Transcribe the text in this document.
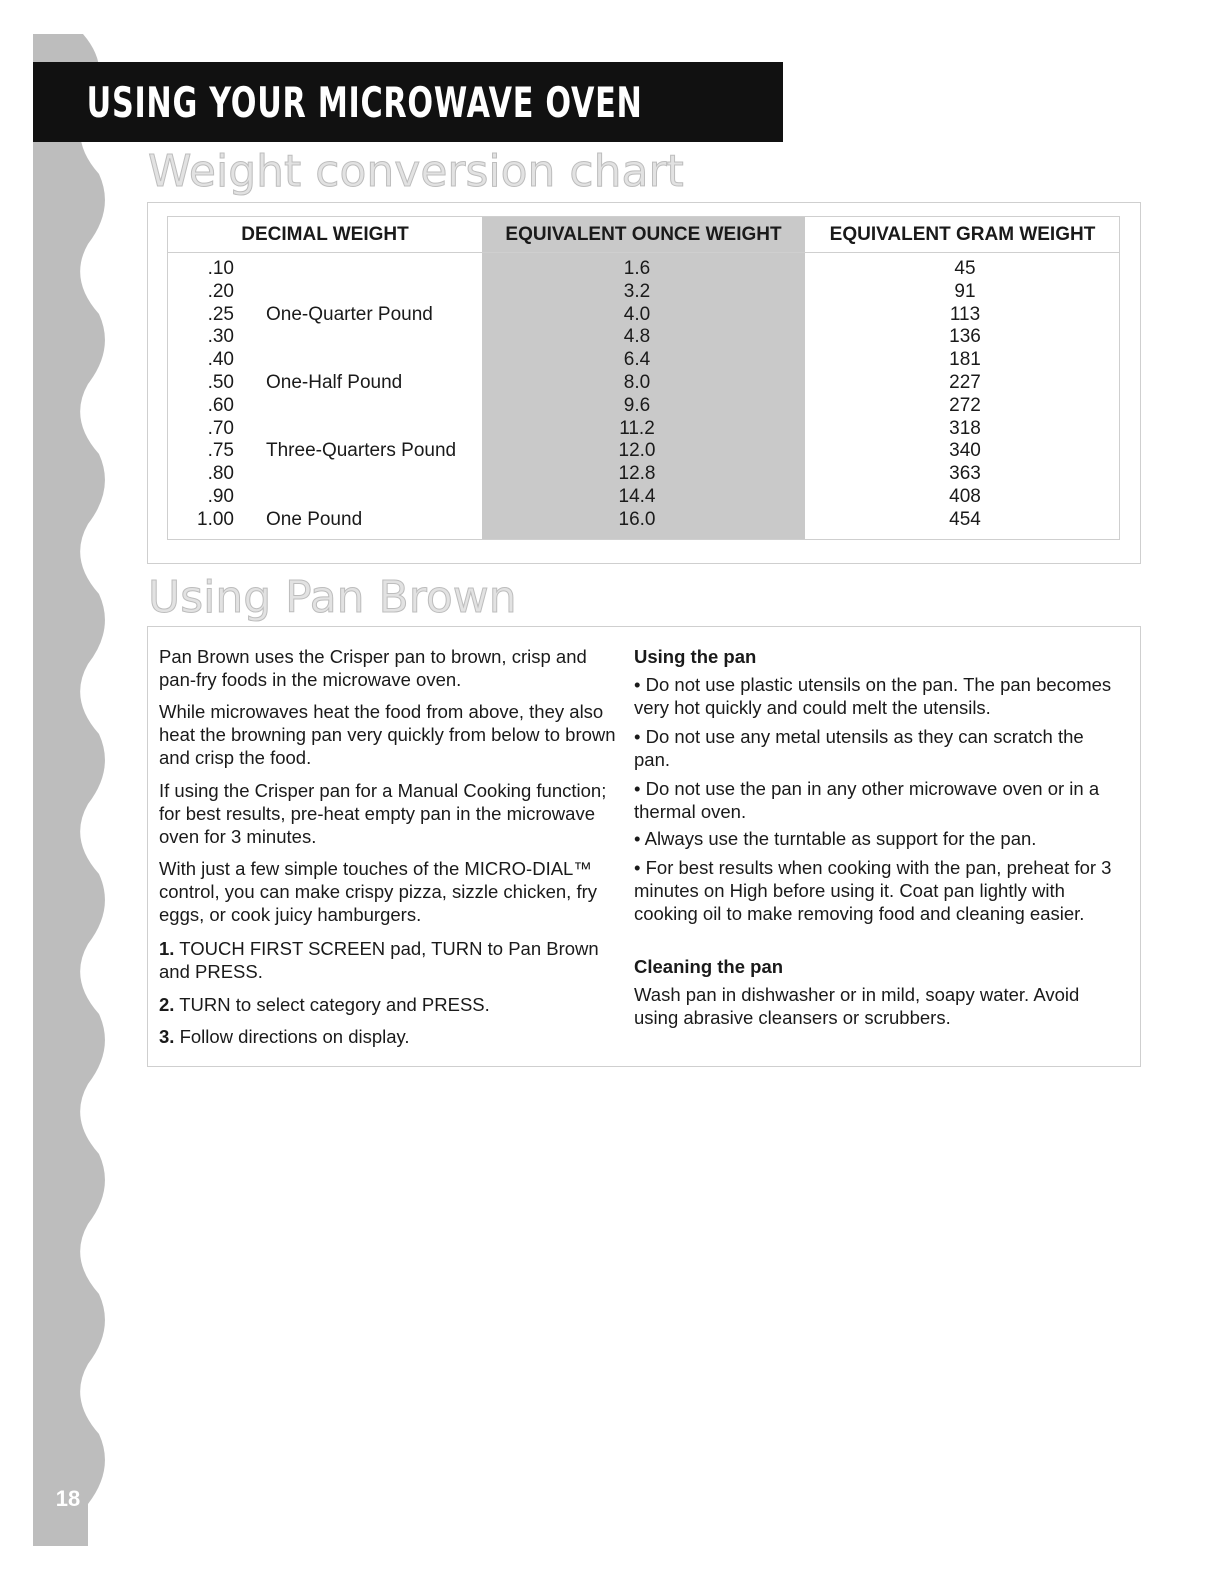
18
USING YOUR MICROWAVE OVEN
Weight conversion chart
DECIMAL WEIGHT	EQUIVALENT OUNCE WEIGHT	EQUIVALENT GRAM WEIGHT
.10	1.6	45
.20	3.2	91
.25 One-Quarter Pound	4.0	113
.30	4.8	136
.40	6.4	181
.50 One-Half Pound	8.0	227
.60	9.6	272
.70	11.2	318
.75 Three-Quarters Pound	12.0	340
.80	12.8	363
.90	14.4	408
1.00 One Pound	16.0	454
Using Pan Brown
Pan Brown uses the Crisper pan to brown, crisp and pan-fry foods in the microwave oven.
While microwaves heat the food from above, they also heat the browning pan very quickly from below to brown and crisp the food.
If using the Crisper pan for a Manual Cooking function; for best results, pre-heat empty pan in the microwave oven for 3 minutes.
With just a few simple touches of the MICRO-DIAL™ control, you can make crispy pizza, sizzle chicken, fry eggs, or cook juicy hamburgers.
1. TOUCH FIRST SCREEN pad, TURN to Pan Brown and PRESS.
2. TURN to select category and PRESS.
3. Follow directions on display.
Using the pan
• Do not use plastic utensils on the pan. The pan becomes very hot quickly and could melt the utensils.
• Do not use any metal utensils as they can scratch the pan.
• Do not use the pan in any other microwave oven or in a thermal oven.
• Always use the turntable as support for the pan.
• For best results when cooking with the pan, preheat for 3 minutes on High before using it. Coat pan lightly with cooking oil to make removing food and cleaning easier.
Cleaning the pan
Wash pan in dishwasher or in mild, soapy water. Avoid using abrasive cleansers or scrubbers.
